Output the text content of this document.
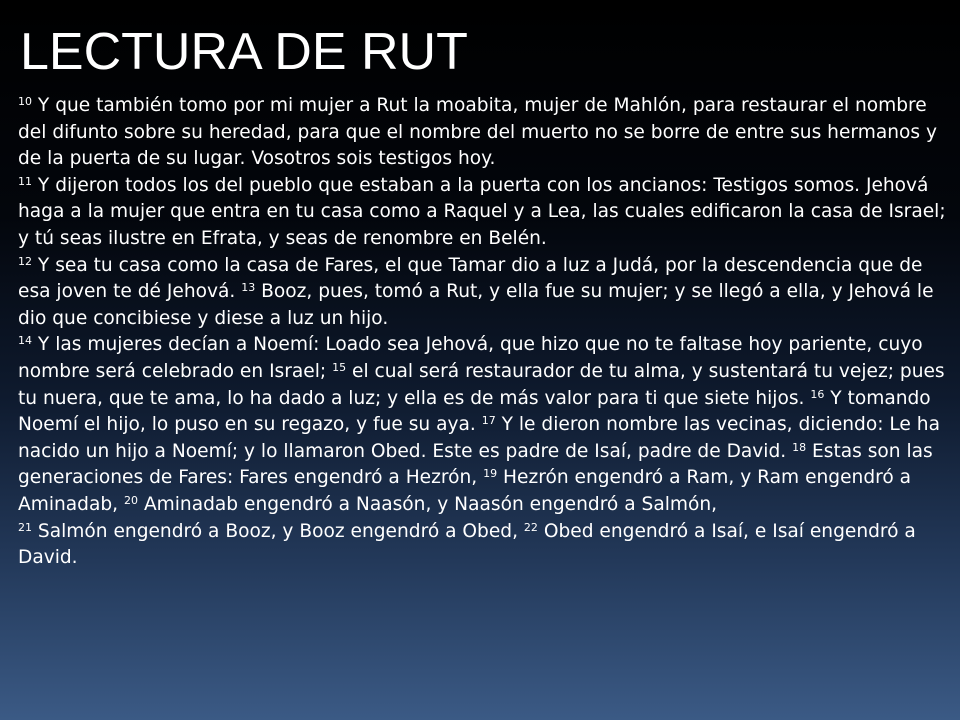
LECTURA DE RUT

$^{10}$ Y que también tomo por mi mujer a Rut la moabita, mujer de Mahlón, para restaurar el nombre del difunto sobre su heredad, para que el nombre del muerto no se borre de entre sus hermanos y de la puerta de su lugar. Vosotros sois testigos hoy.
$^{11}$ Y dijeron todos los del pueblo que estaban a la puerta con los ancianos: Testigos somos. Jehová haga a la mujer que entra en tu casa como a Raquel y a Lea, las cuales edificaron la casa de Israel; y tú seas ilustre en Efrata, y seas de renombre en Belén.
$^{12}$ Y sea tu casa como la casa de Fares, el que Tamar dio a luz a Judá, por la descendencia que de esa joven te dé Jehová. $^{13}$ Booz, pues, tomó a Rut, y ella fue su mujer; y se llegó a ella, y Jehová le dio que concibiese y diese a luz un hijo.
$^{14}$ Y las mujeres decían a Noemí: Loado sea Jehová, que hizo que no te faltase hoy pariente, cuyo nombre será celebrado en Israel; $^{15}$ el cual será restaurador de tu alma, y sustentará tu vejez; pues tu nuera, que te ama, lo ha dado a luz; y ella es de más valor para ti que siete hijos. $^{16}$ Y tomando Noemí el hijo, lo puso en su regazo, y fue su aya. $^{17}$ Y le dieron nombre las vecinas, diciendo: Le ha nacido un hijo a Noemí; y lo llamaron Obed. Este es padre de Isaí, padre de David. $^{18}$ Estas son las generaciones de Fares: Fares engendró a Hezrón, $^{19}$ Hezrón engendró a Ram, y Ram engendró a Aminadab, $^{20}$ Aminadab engendró a Naasón, y Naasón engendró a Salmón,
$^{21}$ Salmón engendró a Booz, y Booz engendró a Obed, $^{22}$ Obed engendró a Isaí, e Isaí engendró a David.
